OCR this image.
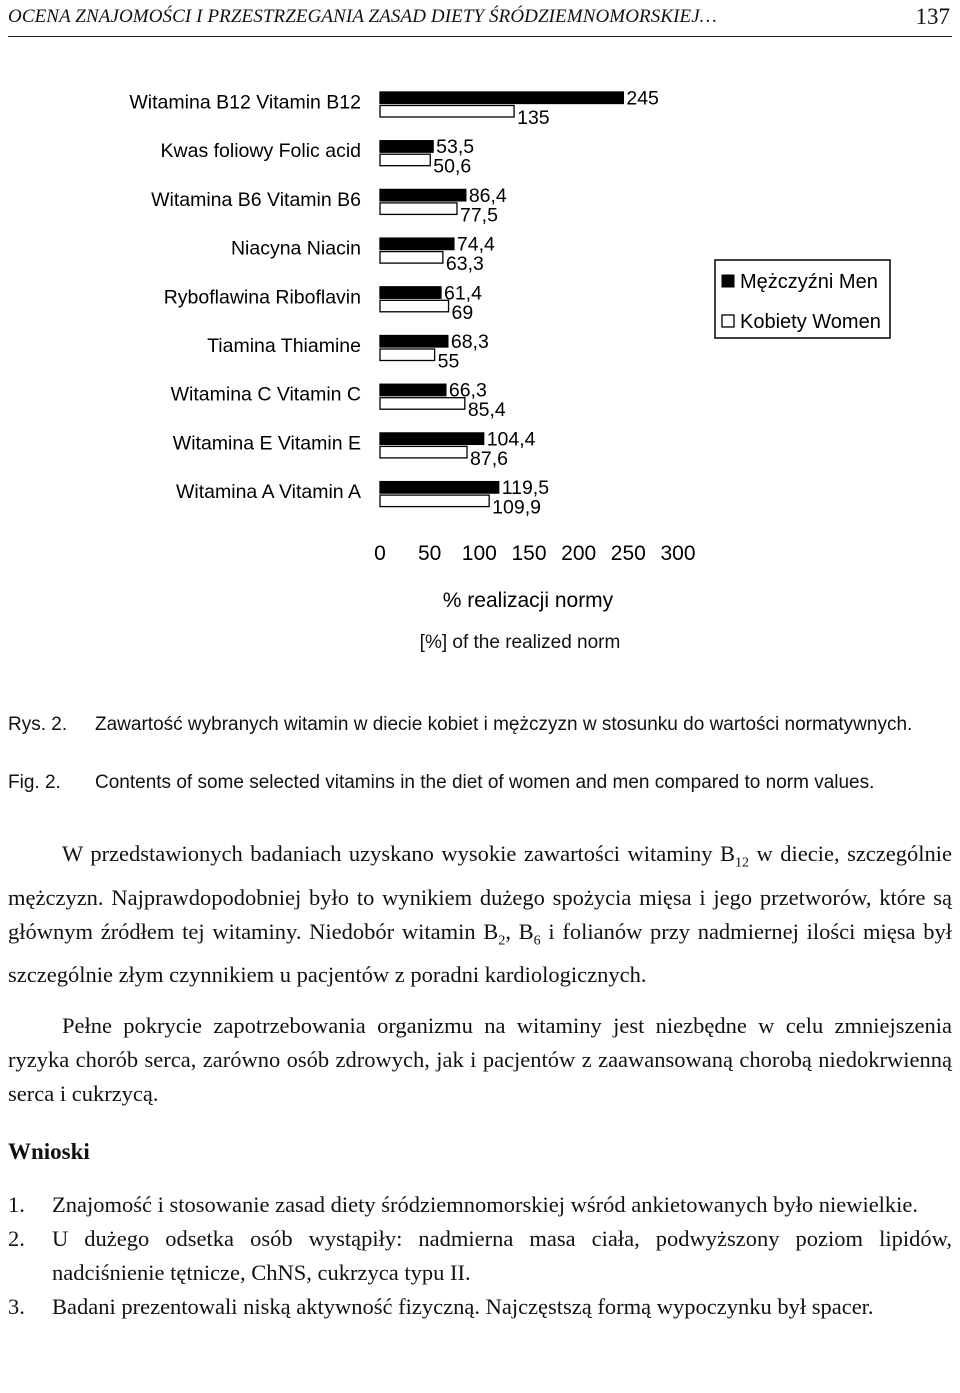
OCENA ZNAJOMOŚCI I PRZESTRZEGANIA ZASAD DIETY ŚRÓDZIEMNOMORSKIEJ…	137
Witamina B12 Vitamin B12
Kwas foliowy Folic acid
Witamina B6 Vitamin B6
Niacyna Niacin
Ryboflawina Riboflavin
Tiamina Thiamine
Witamina C Vitamin C
Witamina E Vitamin E
Witamina A Vitamin A
245
135
53,5
50,6
86,4
77,5
74,4
63,3
61,4
69
68,3
55
66,3
85,4
104,4
87,6
119,5
109,9
0 50 100 150 200 250 300
% realizacji normy
Mężczyźni Men
Kobiety Women
[%] of the realized norm
Rys. 2.	Zawartość wybranych witamin w diecie kobiet i mężczyzn w stosunku do wartości normatywnych.
Fig. 2.	Contents of some selected vitamins in the diet of women and men compared to norm values.

W przedstawionych badaniach uzyskano wysokie zawartości witaminy $B_{12}$ w diecie, szczególnie mężczyzn. Najprawdopodobniej było to wynikiem dużego spożycia mięsa i jego przetworów, które są głównym źródłem tej witaminy. Niedobór witamin $B_2$, $B_6$ i folianów przy nadmiernej ilości mięsa był szczególnie złym czynnikiem u pacjentów z poradni kardiologicznych.

Pełne pokrycie zapotrzebowania organizmu na witaminy jest niezbędne w celu zmniejszenia ryzyka chorób serca, zarówno osób zdrowych, jak i pacjentów z zaawansowaną chorobą niedokrwienną serca i cukrzycą.

Wnioski
1. Znajomość i stosowanie zasad diety śródziemnomorskiej wśród ankietowanych było niewielkie.
2. U dużego odsetka osób wystąpiły: nadmierna masa ciała, podwyższony poziom lipidów, nadciśnienie tętnicze, ChNS, cukrzyca typu II.
3. Badani prezentowali niską aktywność fizyczną. Najczęstszą formą wypoczynku był spacer.
